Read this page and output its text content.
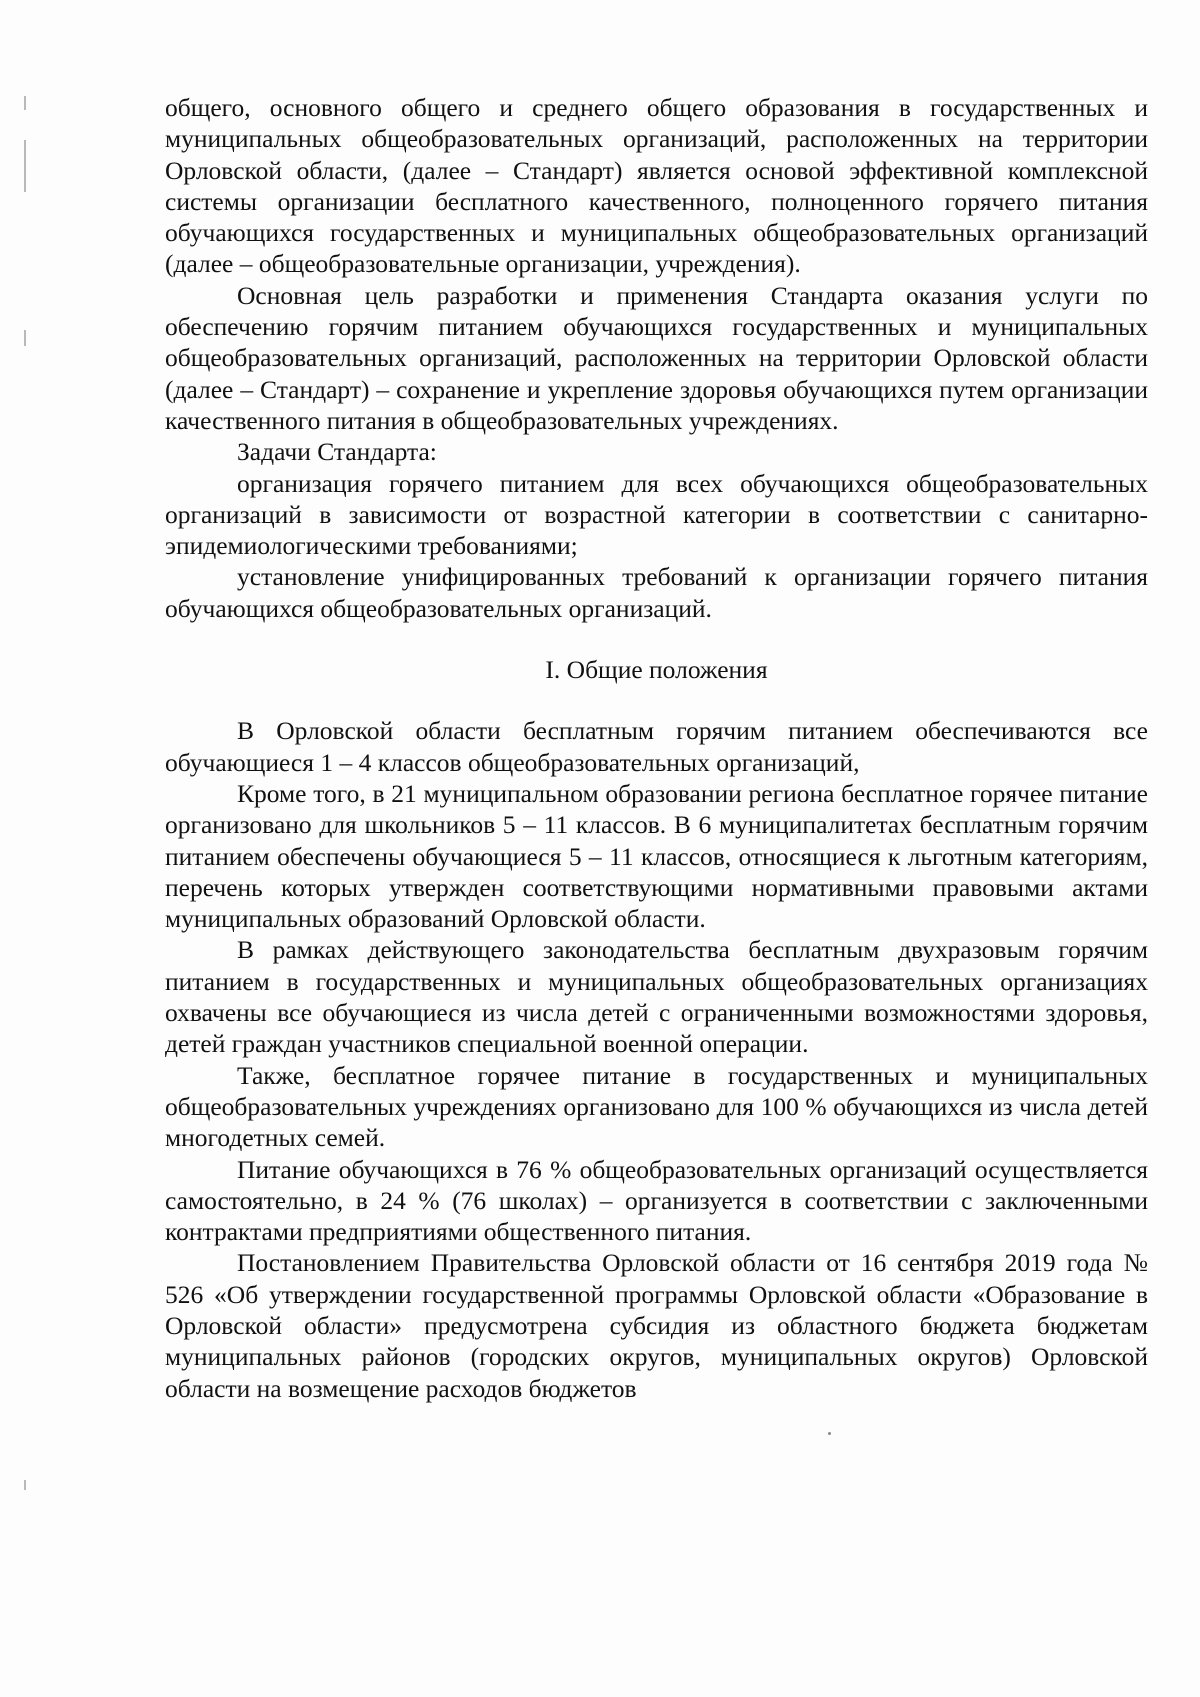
общего, основного общего и среднего общего образования в государственных и муниципальных общеобразовательных организаций, расположенных на территории Орловской области, (далее – Стандарт) является основой эффективной комплексной системы организации бесплатного качественного, полноценного горячего питания обучающихся государственных и муниципальных общеобразовательных организаций (далее – общеобразовательные организации, учреждения).

Основная цель разработки и применения Стандарта оказания услуги по обеспечению горячим питанием обучающихся государственных и муниципальных общеобразовательных организаций, расположенных на территории Орловской области (далее – Стандарт) – сохранение и укрепление здоровья обучающихся путем организации качественного питания в общеобразовательных учреждениях.

Задачи Стандарта:

организация горячего питанием для всех обучающихся общеобразовательных организаций в зависимости от возрастной категории в соответствии с санитарно-эпидемиологическими требованиями;

установление унифицированных требований к организации горячего питания обучающихся общеобразовательных организаций.

I. Общие положения

В Орловской области бесплатным горячим питанием обеспечиваются все обучающиеся 1 – 4 классов общеобразовательных организаций,

Кроме того, в 21 муниципальном образовании региона бесплатное горячее питание организовано для школьников 5 – 11 классов. В 6 муниципалитетах бесплатным горячим питанием обеспечены обучающиеся 5 – 11 классов, относящиеся к льготным категориям, перечень которых утвержден соответствующими нормативными правовыми актами муниципальных образований Орловской области.

В рамках действующего законодательства бесплатным двухразовым горячим питанием в государственных и муниципальных общеобразовательных организациях охвачены все обучающиеся из числа детей с ограниченными возможностями здоровья, детей граждан участников специальной военной операции.

Также, бесплатное горячее питание в государственных и муниципальных общеобразовательных учреждениях организовано для 100 % обучающихся из числа детей многодетных семей.

Питание обучающихся в 76 % общеобразовательных организаций осуществляется самостоятельно, в 24 % (76 школах) – организуется в соответствии с заключенными контрактами предприятиями общественного питания.

Постановлением Правительства Орловской области от 16 сентября 2019 года № 526 «Об утверждении государственной программы Орловской области «Образование в Орловской области» предусмотрена субсидия из областного бюджета бюджетам муниципальных районов (городских округов, муниципальных округов) Орловской области на возмещение расходов бюджетов
